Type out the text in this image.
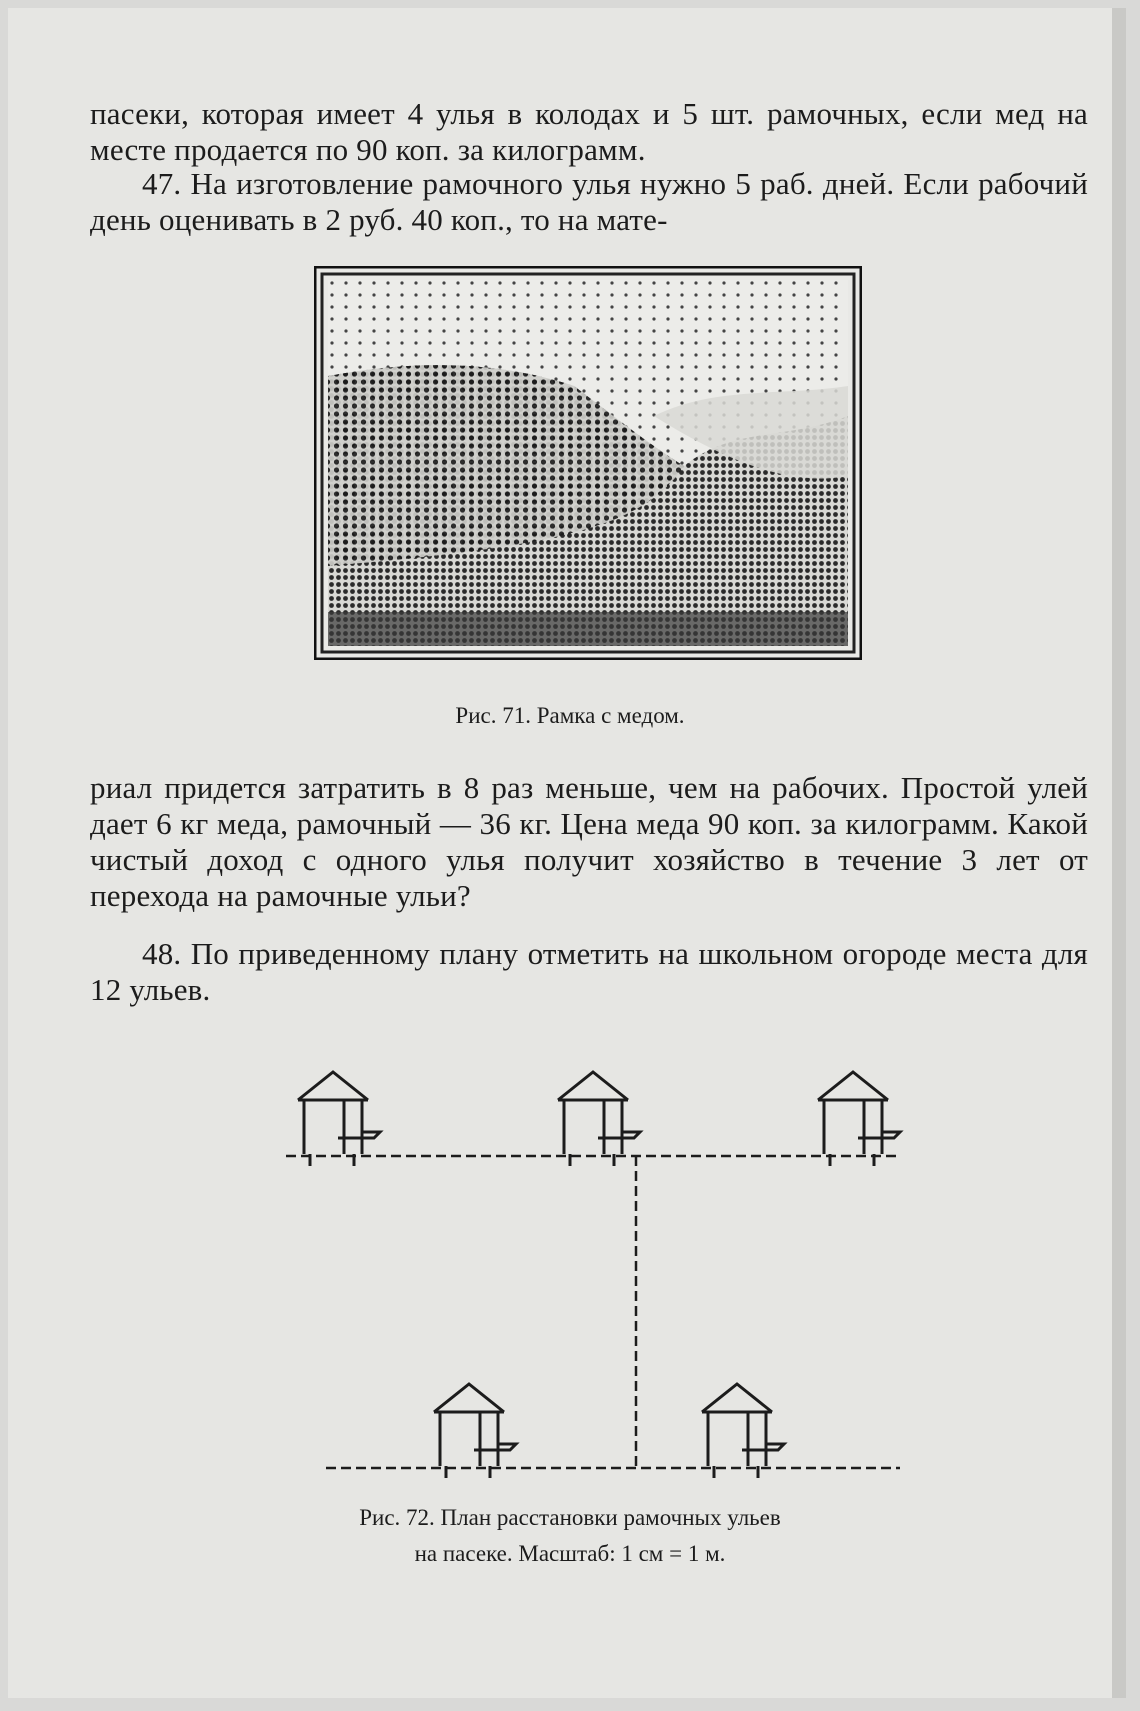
пасеки, которая имеет 4 улья в колодах и 5 шт. рамочных, если мед на месте продается по 90 коп. за килограмм.

47. На изготовление рамочного улья нужно 5 раб. дней. Если рабочий день оценивать в 2 руб. 40 коп., то на мате-

Рис. 71. Рамка с медом.

риал придется затратить в 8 раз меньше, чем на рабочих. Простой улей дает 6 кг меда, рамочный — 36 кг. Цена меда 90 коп. за килограмм. Какой чистый доход с одного улья получит хозяйство в течение 3 лет от перехода на рамочные ульи?

48. По приведенному плану отметить на школьном огороде места для 12 ульев.

Рис. 72. План расстановки рамочных ульев

на пасеке. Масштаб: 1 см = 1 м.
